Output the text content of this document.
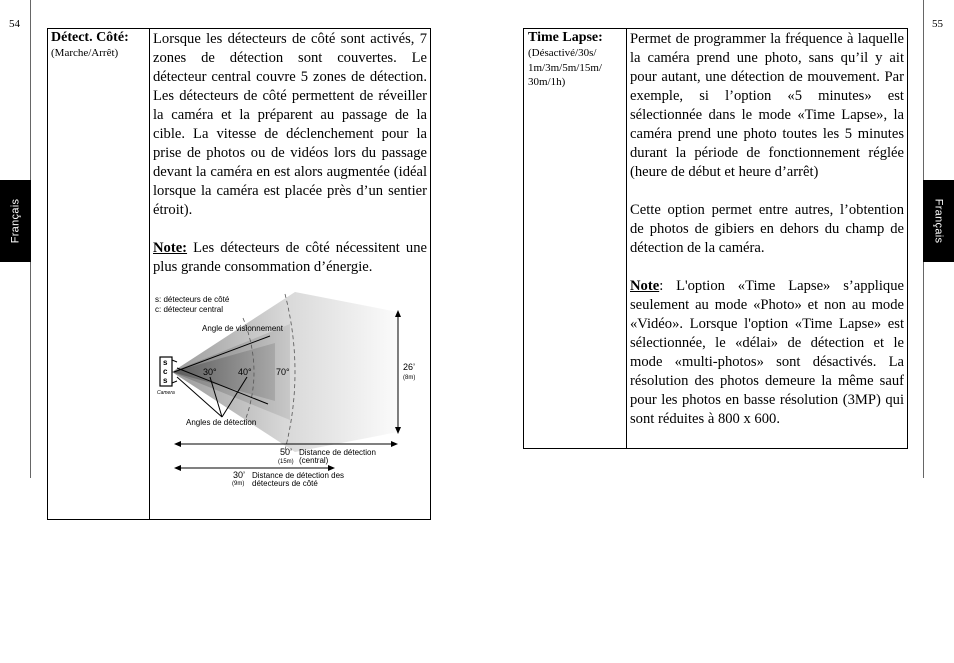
54	55
Français	Français
Détect. Côté:
(Marche/Arrêt)

Lorsque les détecteurs de côté sont activés, 7 zones de détection sont couvertes. Le détecteur central couvre 5 zones de détection. Les détecteurs de côté permettent de réveiller la caméra et la préparent au passage de la cible. La vitesse de déclenchement pour la prise de photos ou de vidéos lors du passage devant la caméra en est alors augmentée (idéal lorsque la caméra est placée près d’un sentier étroit).

Note: Les détecteurs de côté nécessitent une plus grande consommation d’énergie.

s
c
s
Camera
s: détecteurs de côté
c: détecteur central
Angle de visionnement
30° 40°	70°
Angles de détection
26’
(8m)
50’
(15m)
Distance de détection
(central)
30’
(9m)
Distance de détection des
détecteurs de côté
Time Lapse:
(Désactivé/30s/ 1m/3m/5m/15m/ 30m/1h)

Permet de programmer la fréquence à laquelle la caméra prend une photo, sans qu’il y ait pour autant, une détection de mouvement. Par exemple, si l’option «5 minutes» est sélectionnée dans le mode «Time Lapse», la caméra prend une photo toutes les 5 minutes durant la période de fonctionnement réglée (heure de début et heure d’arrêt)

Cette option permet entre autres, l’obtention de photos de gibiers en dehors du champ de détection de la caméra.

Note: L'option «Time Lapse» s’applique seulement au mode «Photo» et non au mode «Vidéo». Lorsque l'option «Time Lapse» est sélectionnée, le «délai» de détection et le mode «multi-photos» sont désactivés. La résolution des photos demeure la même sauf pour les photos en basse résolution (3MP) qui sont réduites à 800 x 600.
